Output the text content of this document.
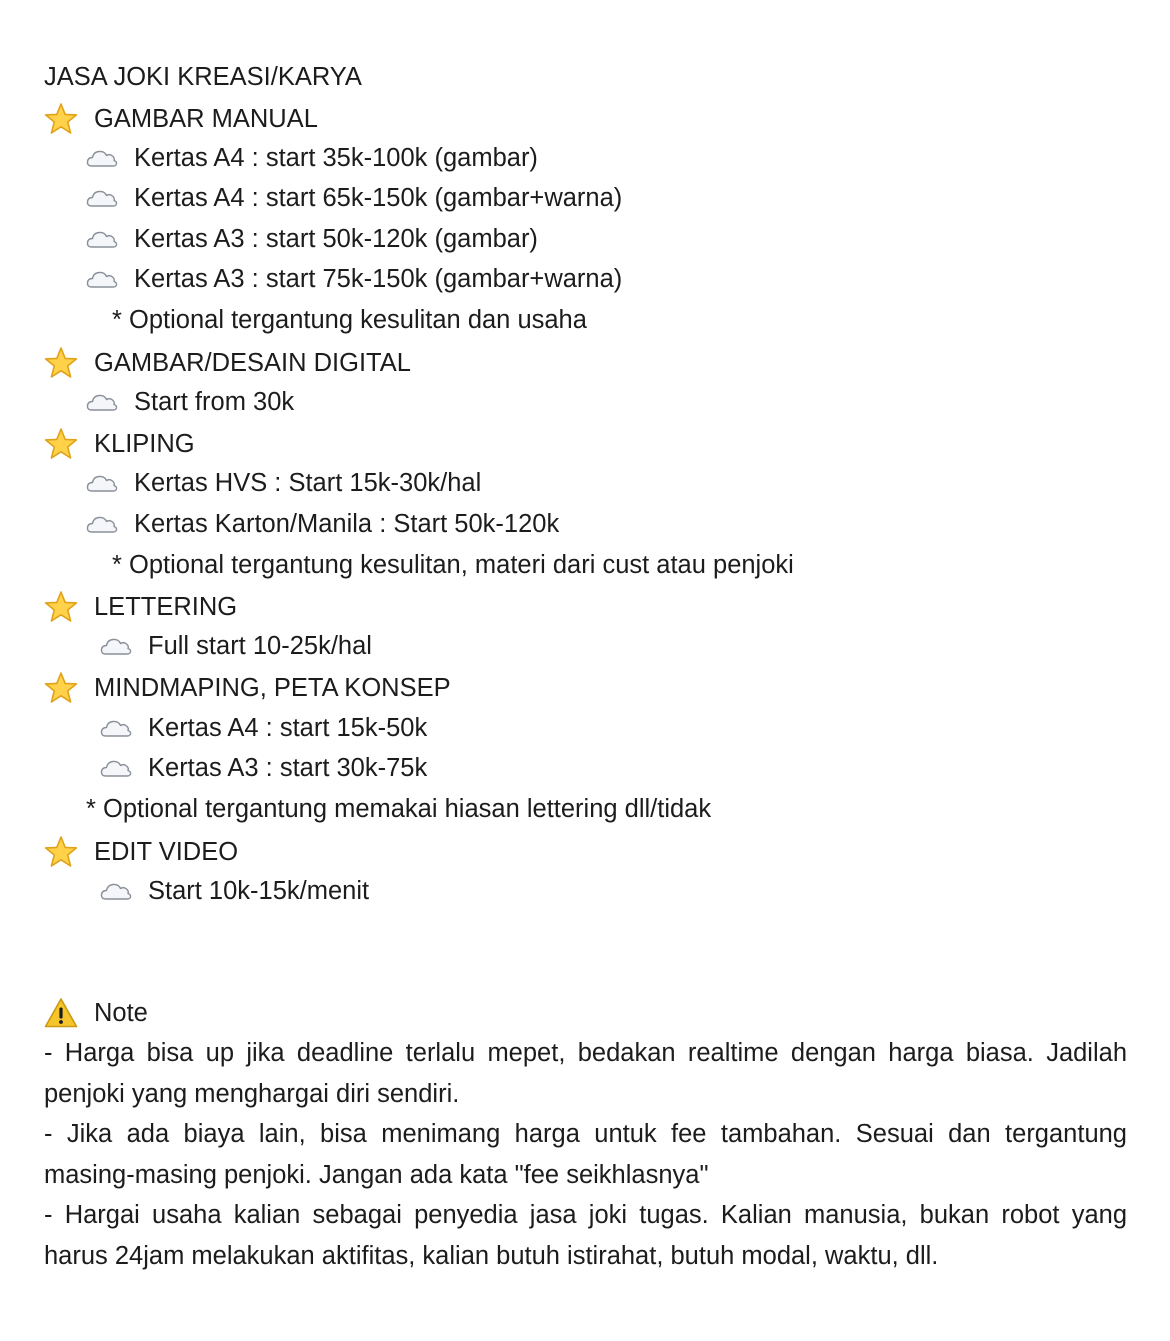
JASA JOKI KREASI/KARYA
GAMBAR MANUAL
Kertas A4 : start 35k-100k (gambar)
Kertas A4 : start 65k-150k (gambar+warna)
Kertas A3 : start 50k-120k (gambar)
Kertas A3 : start 75k-150k (gambar+warna)
* Optional tergantung kesulitan dan usaha
GAMBAR/DESAIN DIGITAL
Start from 30k
KLIPING
Kertas HVS : Start 15k-30k/hal
Kertas Karton/Manila : Start 50k-120k
* Optional tergantung kesulitan, materi dari cust atau penjoki
LETTERING
Full start 10-25k/hal
MINDMAPING, PETA KONSEP
Kertas A4 : start 15k-50k
Kertas A3 : start 30k-75k
* Optional tergantung memakai hiasan lettering dll/tidak
EDIT VIDEO
Start 10k-15k/menit
Note

- Harga bisa up jika deadline terlalu mepet, bedakan realtime dengan harga biasa. Jadilah penjoki yang menghargai diri sendiri.

- Jika ada biaya lain, bisa menimang harga untuk fee tambahan. Sesuai dan tergantung masing-masing penjoki. Jangan ada kata "fee seikhlasnya"

- Hargai usaha kalian sebagai penyedia jasa joki tugas. Kalian manusia, bukan robot yang harus 24jam melakukan aktifitas, kalian butuh istirahat, butuh modal, waktu, dll.
